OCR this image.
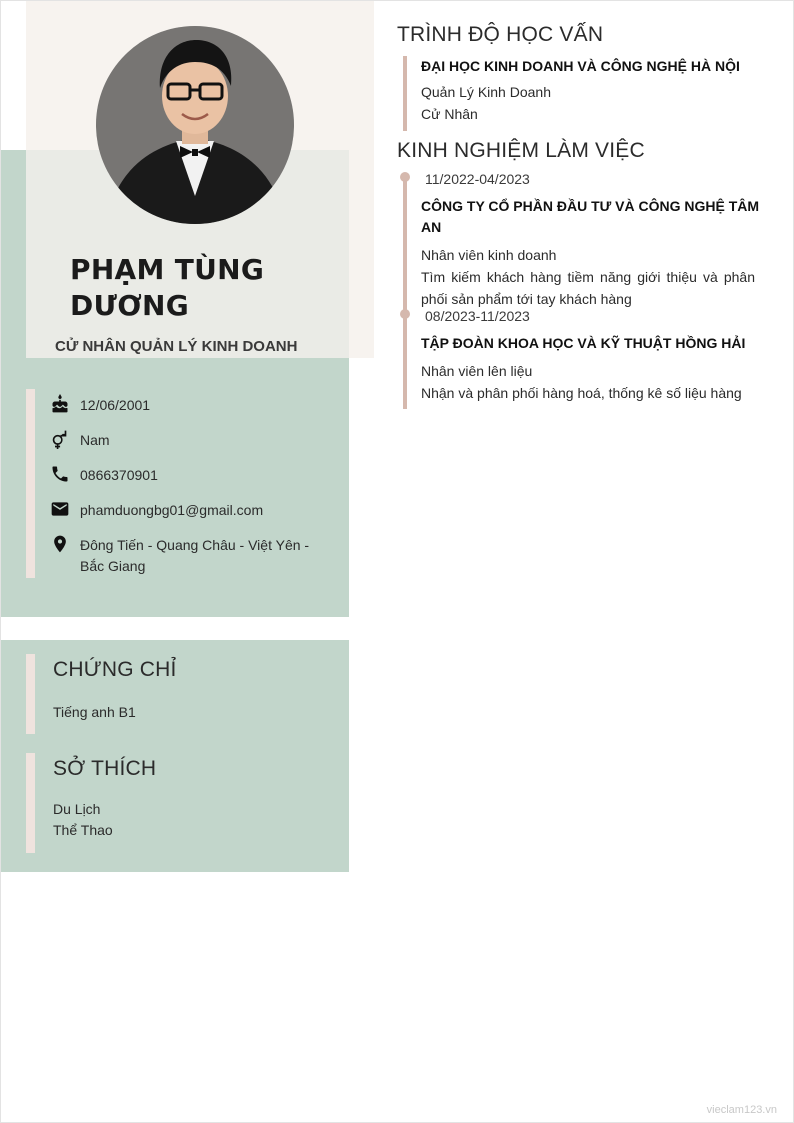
PHẠM TÙNG DƯƠNG
CỬ NHÂN QUẢN LÝ KINH DOANH
12/06/2001
Nam
0866370901
phamduongbg01@gmail.com
Đông Tiến - Quang Châu - Việt Yên - Bắc Giang
CHỨNG CHỈ
Tiếng anh B1
SỞ THÍCH
Du Lịch
Thể Thao
TRÌNH ĐỘ HỌC VẤN
ĐẠI HỌC KINH DOANH VÀ CÔNG NGHỆ HÀ NỘI
Quản Lý Kinh Doanh
Cử Nhân
KINH NGHIỆM LÀM VIỆC
11/2022-04/2023
CÔNG TY CỔ PHẦN ĐẦU TƯ VÀ CÔNG NGHỆ TÂM AN
Nhân viên kinh doanh
Tìm kiếm khách hàng tiềm năng giới thiệu và phân phối sản phẩm tới tay khách hàng
08/2023-11/2023
TẬP ĐOÀN KHOA HỌC VÀ KỸ THUẬT HỒNG HẢI
Nhân viên lên liệu
Nhận và phân phối hàng hoá, thống kê số liệu hàng
vieclam123.vn
